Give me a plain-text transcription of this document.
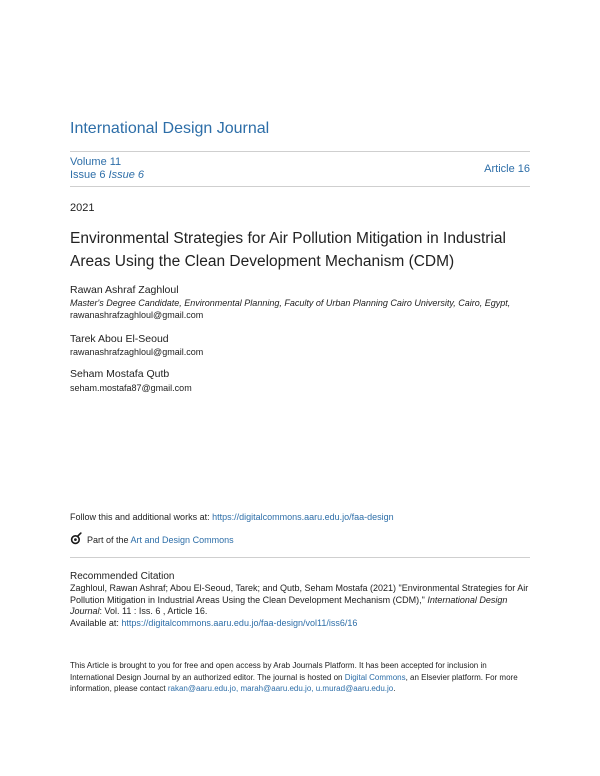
International Design Journal
Volume 11
Issue 6 Issue 6	Article 16
2021
Environmental Strategies for Air Pollution Mitigation in Industrial Areas Using the Clean Development Mechanism (CDM)
Rawan Ashraf Zaghloul
Master's Degree Candidate, Environmental Planning, Faculty of Urban Planning Cairo University, Cairo, Egypt, rawanashrafzaghloul@gmail.com
Tarek Abou El-Seoud
rawanashrafzaghloul@gmail.com
Seham Mostafa Qutb
seham.mostafa87@gmail.com
Follow this and additional works at: https://digitalcommons.aaru.edu.jo/faa-design
Part of the Art and Design Commons
Recommended Citation
Zaghloul, Rawan Ashraf; Abou El-Seoud, Tarek; and Qutb, Seham Mostafa (2021) "Environmental Strategies for Air Pollution Mitigation in Industrial Areas Using the Clean Development Mechanism (CDM)," International Design Journal: Vol. 11 : Iss. 6 , Article 16.
Available at: https://digitalcommons.aaru.edu.jo/faa-design/vol11/iss6/16
This Article is brought to you for free and open access by Arab Journals Platform. It has been accepted for inclusion in International Design Journal by an authorized editor. The journal is hosted on Digital Commons, an Elsevier platform. For more information, please contact rakan@aaru.edu.jo, marah@aaru.edu.jo, u.murad@aaru.edu.jo.
